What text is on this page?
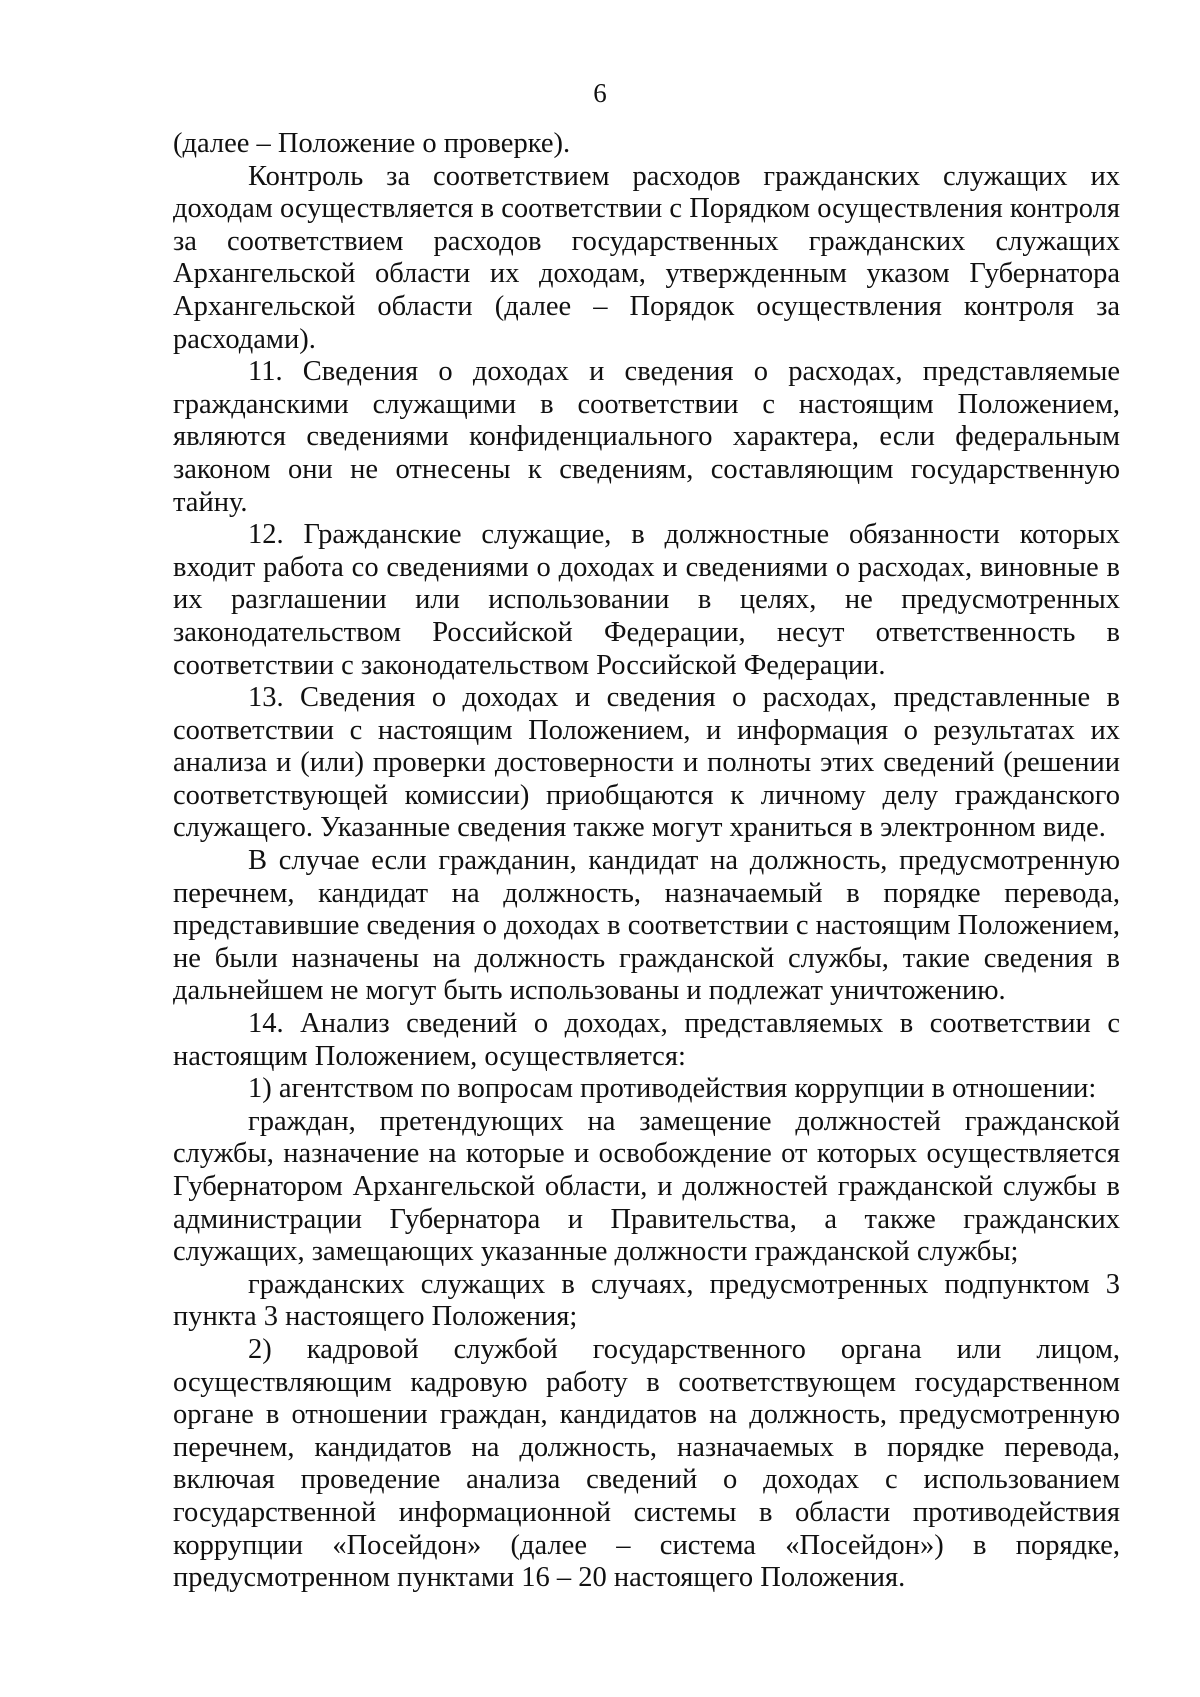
6

(далее – Положение о проверке).

Контроль за соответствием расходов гражданских служащих их доходам осуществляется в соответствии с Порядком осуществления контроля за соответствием расходов государственных гражданских служащих Архангельской области их доходам, утвержденным указом Губернатора Архангельской области (далее – Порядок осуществления контроля за расходами).

11. Сведения о доходах и сведения о расходах, представляемые гражданскими служащими в соответствии с настоящим Положением, являются сведениями конфиденциального характера, если федеральным законом они не отнесены к сведениям, составляющим государственную тайну.

12. Гражданские служащие, в должностные обязанности которых входит работа со сведениями о доходах и сведениями о расходах, виновные в их разглашении или использовании в целях, не предусмотренных законодательством Российской Федерации, несут ответственность в соответствии с законодательством Российской Федерации.

13. Сведения о доходах и сведения о расходах, представленные в соответствии с настоящим Положением, и информация о результатах их анализа и (или) проверки достоверности и полноты этих сведений (решении соответствующей комиссии) приобщаются к личному делу гражданского служащего. Указанные сведения также могут храниться в электронном виде.

В случае если гражданин, кандидат на должность, предусмотренную перечнем, кандидат на должность, назначаемый в порядке перевода, представившие сведения о доходах в соответствии с настоящим Положением, не были назначены на должность гражданской службы, такие сведения в дальнейшем не могут быть использованы и подлежат уничтожению.

14. Анализ сведений о доходах, представляемых в соответствии с настоящим Положением, осуществляется:

1) агентством по вопросам противодействия коррупции в отношении:

граждан, претендующих на замещение должностей гражданской службы, назначение на которые и освобождение от которых осуществляется Губернатором Архангельской области, и должностей гражданской службы в администрации Губернатора и Правительства, а также гражданских служащих, замещающих указанные должности гражданской службы;

гражданских служащих в случаях, предусмотренных подпунктом 3 пункта 3 настоящего Положения;

2) кадровой службой государственного органа или лицом, осуществляющим кадровую работу в соответствующем государственном органе в отношении граждан, кандидатов на должность, предусмотренную перечнем, кандидатов на должность, назначаемых в порядке перевода, включая проведение анализа сведений о доходах с использованием государственной информационной системы в области противодействия коррупции «Посейдон» (далее – система «Посейдон») в порядке, предусмотренном пунктами 16 – 20 настоящего Положения.
